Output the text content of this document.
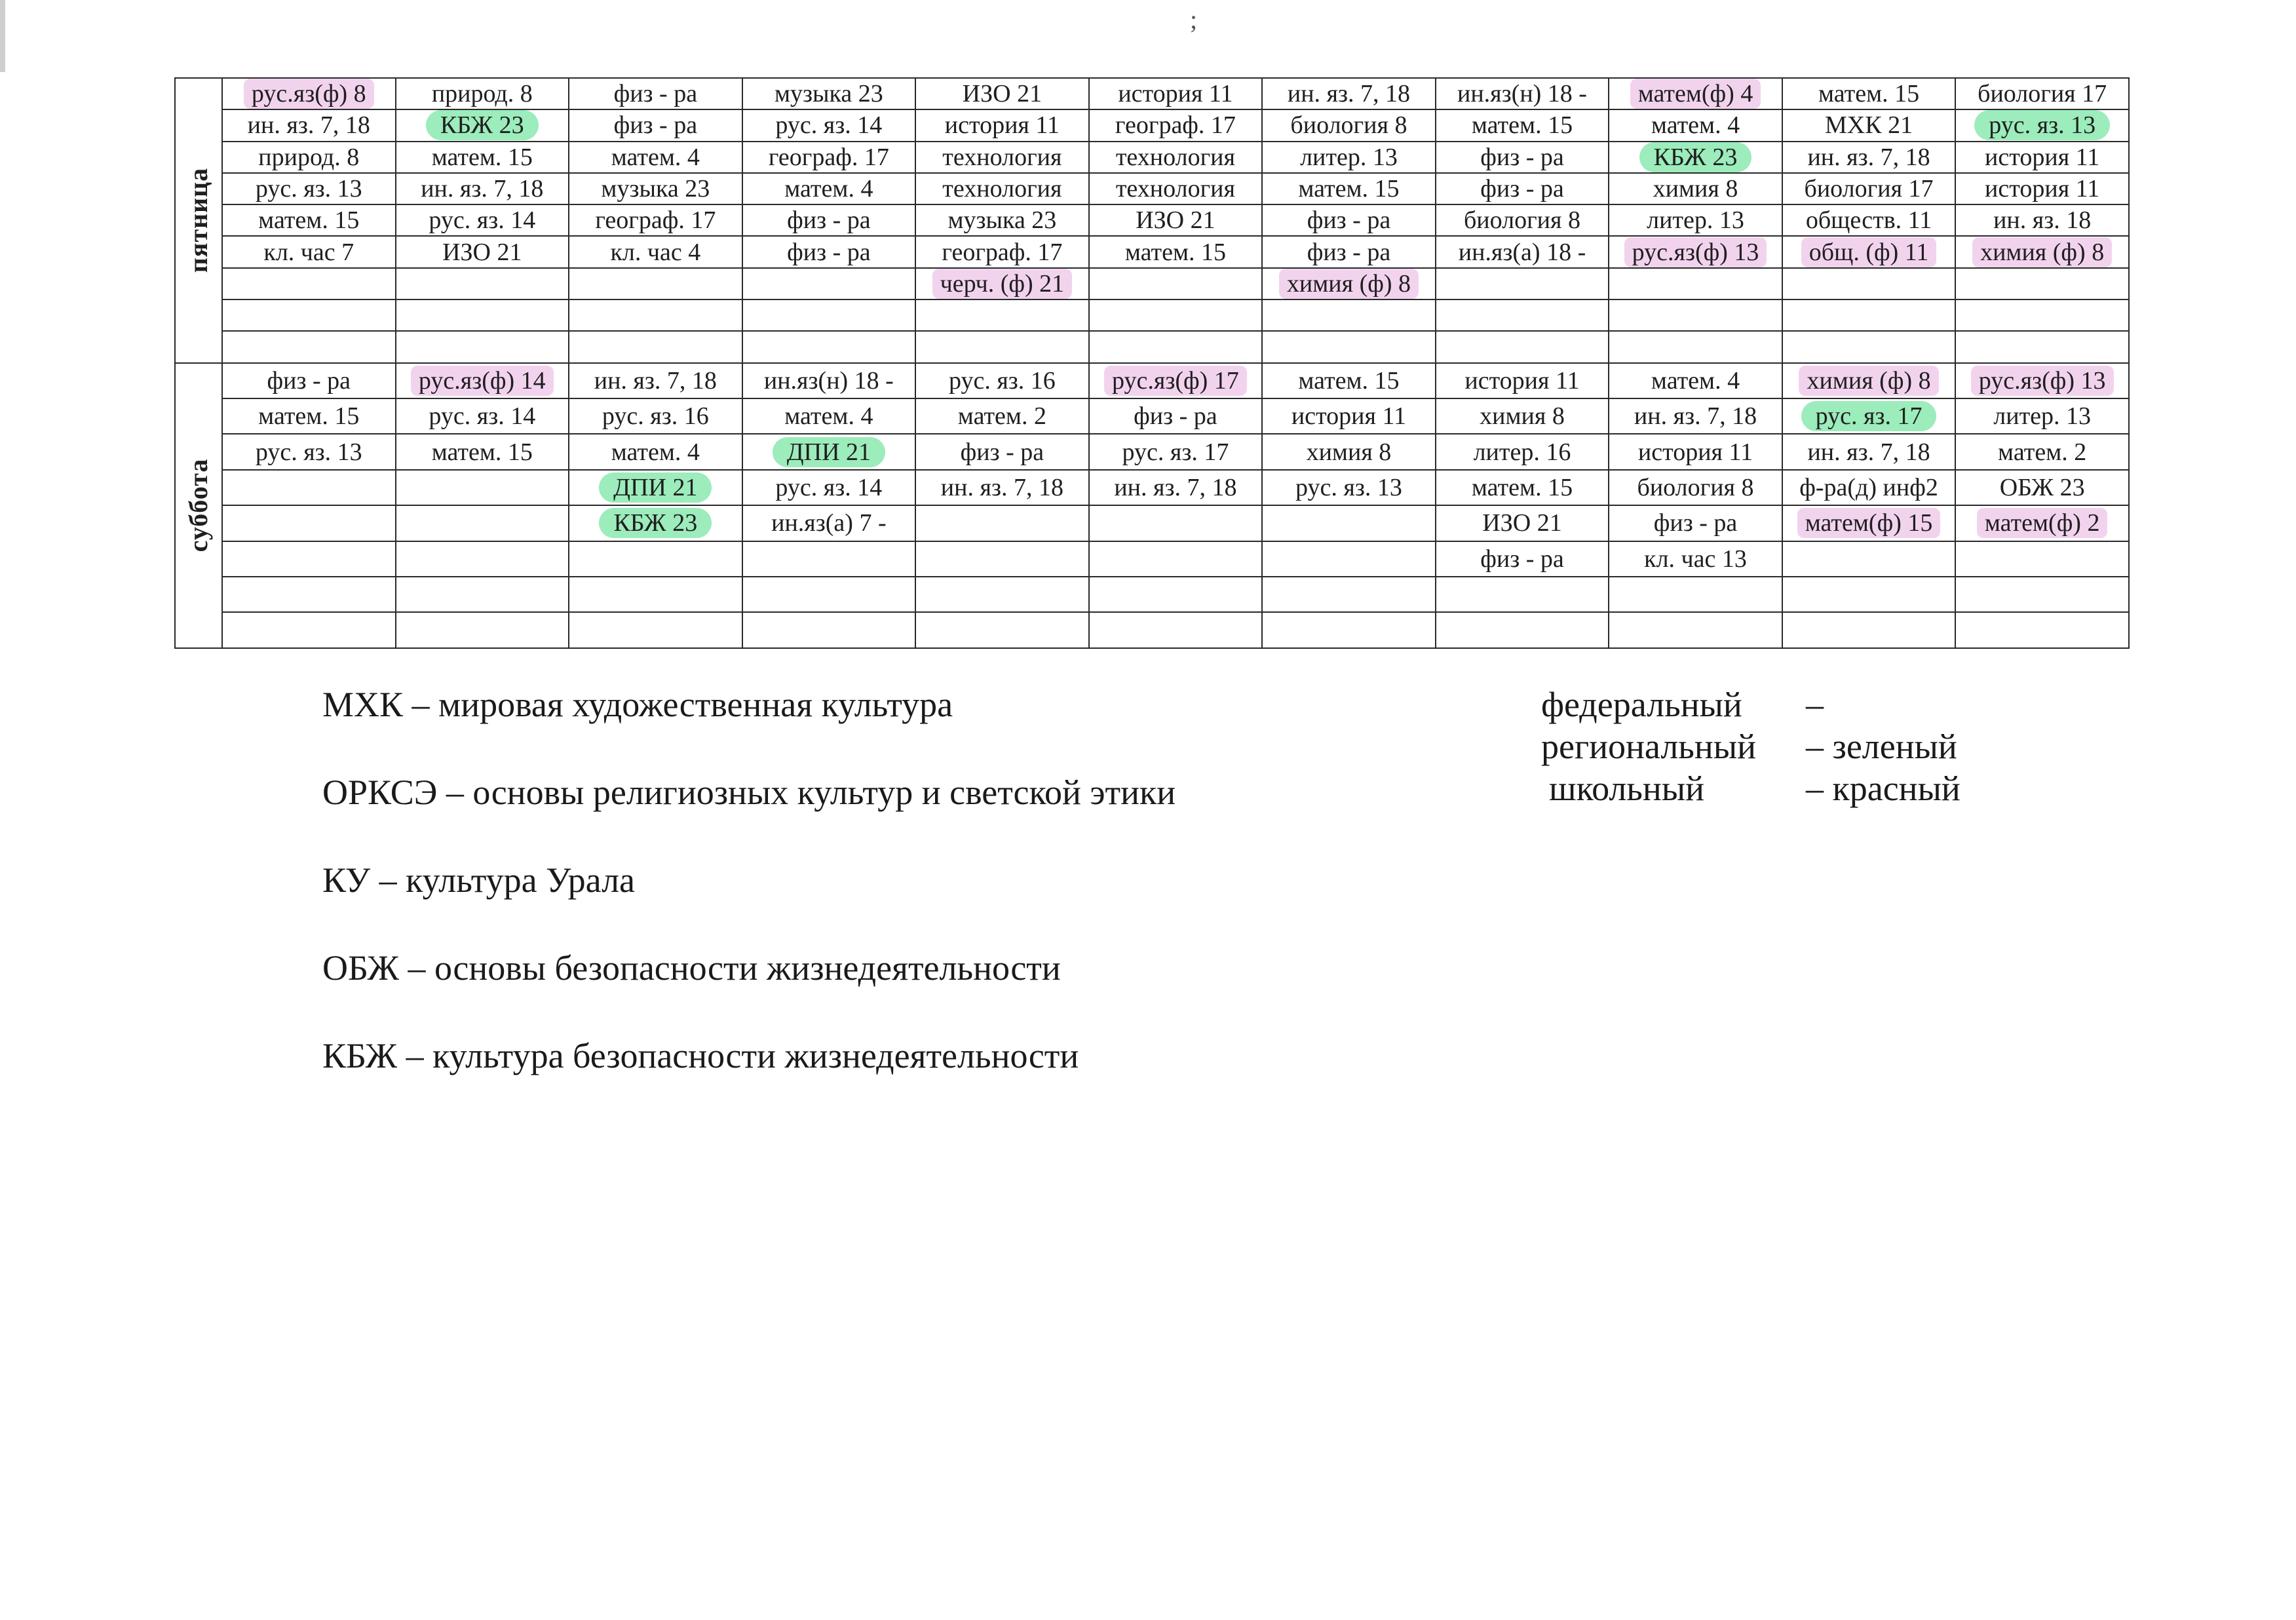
;
пятница	рус.яз(ф) 8	природ. 8	физ - ра	музыка 23	ИЗО 21	история 11	ин. яз. 7, 18	ин.яз(н) 18 -	матем(ф) 4	матем. 15	биология 17
	ин. яз. 7, 18	КБЖ 23	физ - ра	рус. яз. 14	история 11	географ. 17	биология 8	матем. 15	матем. 4	МХК 21	рус. яз. 13
	природ. 8	матем. 15	матем. 4	географ. 17	технология	технология	литер. 13	физ - ра	КБЖ 23	ин. яз. 7, 18	история 11
	рус. яз. 13	ин. яз. 7, 18	музыка 23	матем. 4	технология	технология	матем. 15	физ - ра	химия 8	биология 17	история 11
	матем. 15	рус. яз. 14	географ. 17	физ - ра	музыка 23	ИЗО 21	физ - ра	биология 8	литер. 13	обществ. 11	ин. яз. 18
	кл. час 7	ИЗО 21	кл. час 4	физ - ра	географ. 17	матем. 15	физ - ра	ин.яз(а) 18 -	рус.яз(ф) 13	общ. (ф) 11	химия (ф) 8
					черч. (ф) 21		химия (ф) 8				

суббота	физ - ра	рус.яз(ф) 14	ин. яз. 7, 18	ин.яз(н) 18 -	рус. яз. 16	рус.яз(ф) 17	матем. 15	история 11	матем. 4	химия (ф) 8	рус.яз(ф) 13
	матем. 15	рус. яз. 14	рус. яз. 16	матем. 4	матем. 2	физ - ра	история 11	химия 8	ин. яз. 7, 18	рус. яз. 17	литер. 13
	рус. яз. 13	матем. 15	матем. 4	ДПИ 21	физ - ра	рус. яз. 17	химия 8	литер. 16	история 11	ин. яз. 7, 18	матем. 2
			ДПИ 21	рус. яз. 14	ин. яз. 7, 18	ин. яз. 7, 18	рус. яз. 13	матем. 15	биология 8	ф-ра(д) инф2	ОБЖ 23
			КБЖ 23	ин.яз(а) 7 -				ИЗО 21	физ - ра	матем(ф) 15	матем(ф) 2
								физ - ра	кл. час 13		

МХК – мировая художественная культура
ОРКСЭ – основы религиозных культур и светской этики
КУ – культура Урала
ОБЖ – основы безопасности жизнедеятельности
КБЖ – культура безопасности жизнедеятельности
федеральный –
региональный – зеленый
школьный	– красный
